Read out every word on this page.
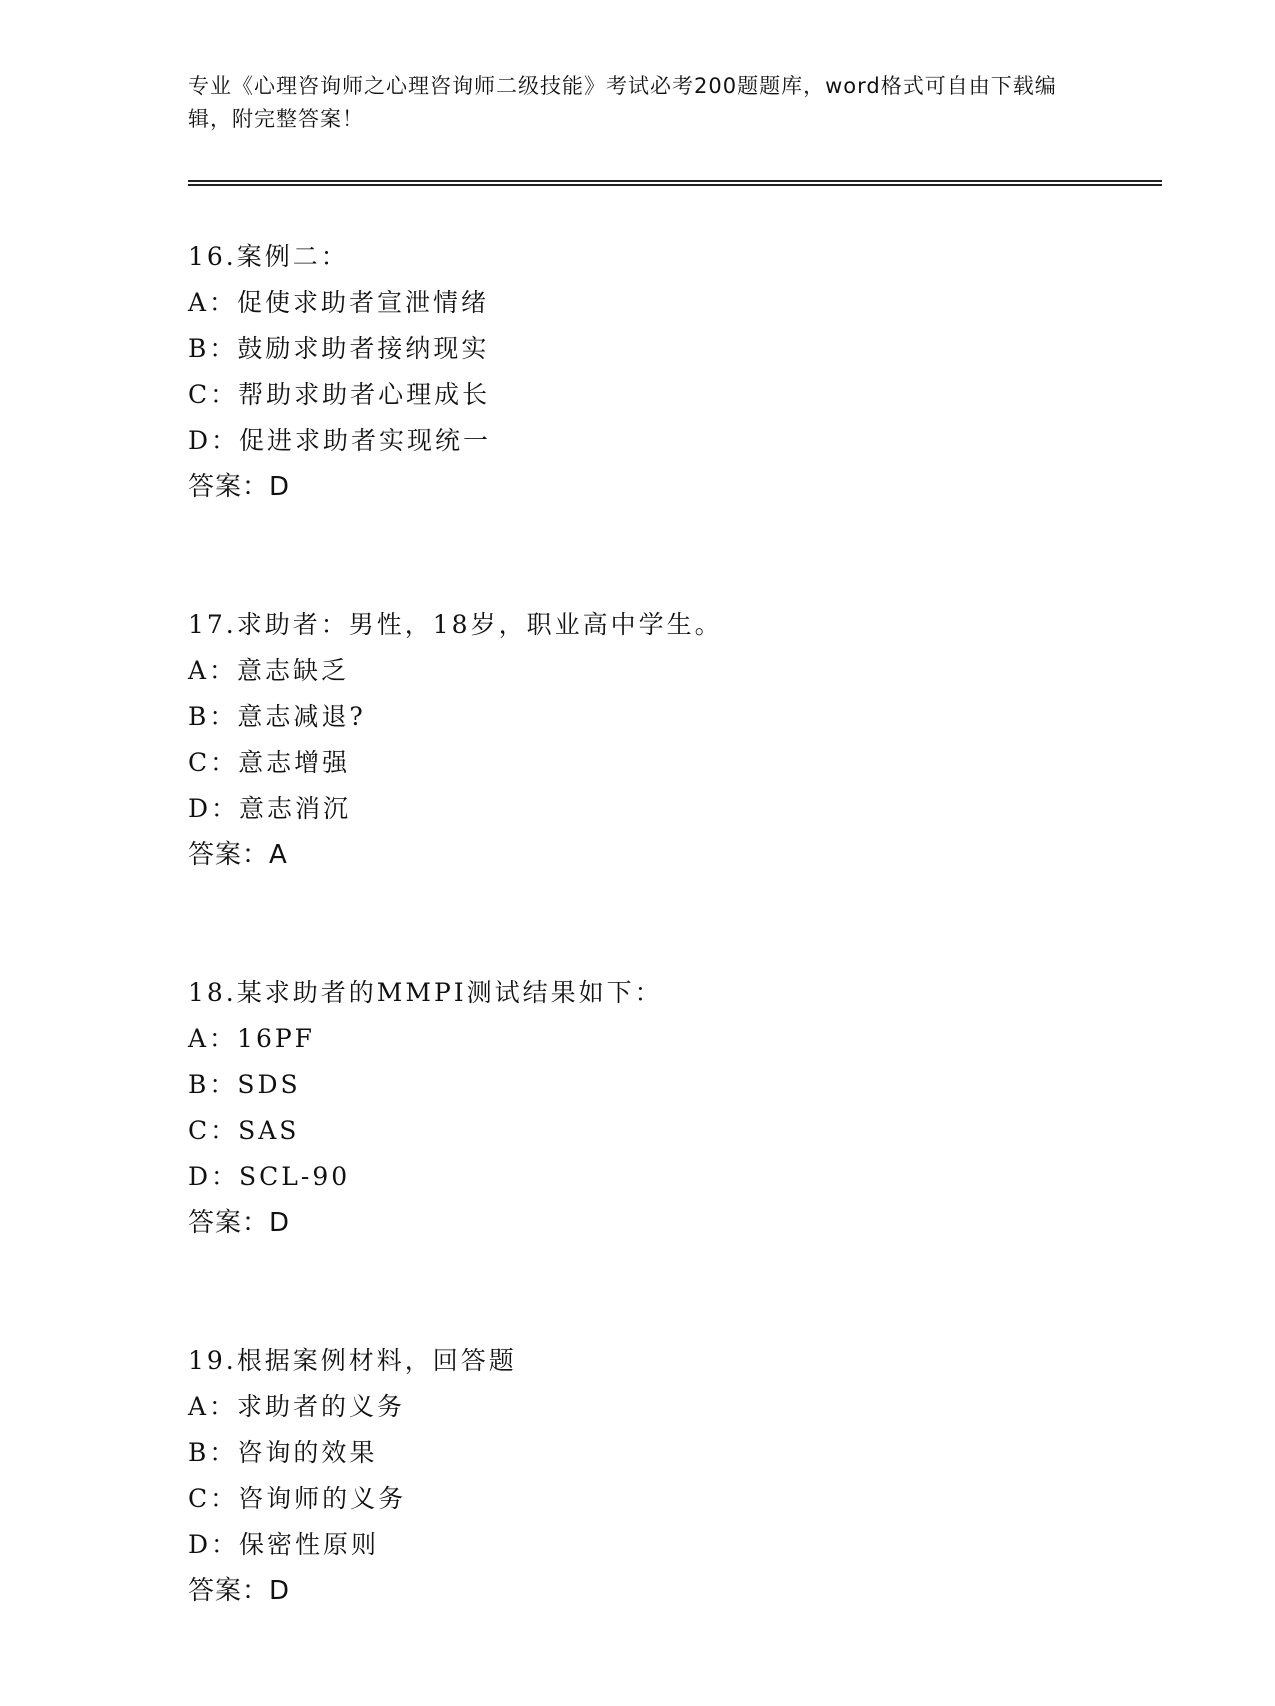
专业《心理咨询师之心理咨询师二级技能》考试必考200题题库，word格式可自由下载编辑，附完整答案！
16.案例二：
A：促使求助者宣泄情绪
B：鼓励求助者接纳现实
C：帮助求助者心理成长
D：促进求助者实现统一
答案：D
17.求助者：男性，18岁，职业高中学生。
A：意志缺乏
B：意志减退?
C：意志增强
D：意志消沉
答案：A
18.某求助者的MMPI测试结果如下：
A：16PF
B：SDS
C：SAS
D：SCL-90
答案：D
19.根据案例材料，回答题
A：求助者的义务
B：咨询的效果
C：咨询师的义务
D：保密性原则
答案：D
